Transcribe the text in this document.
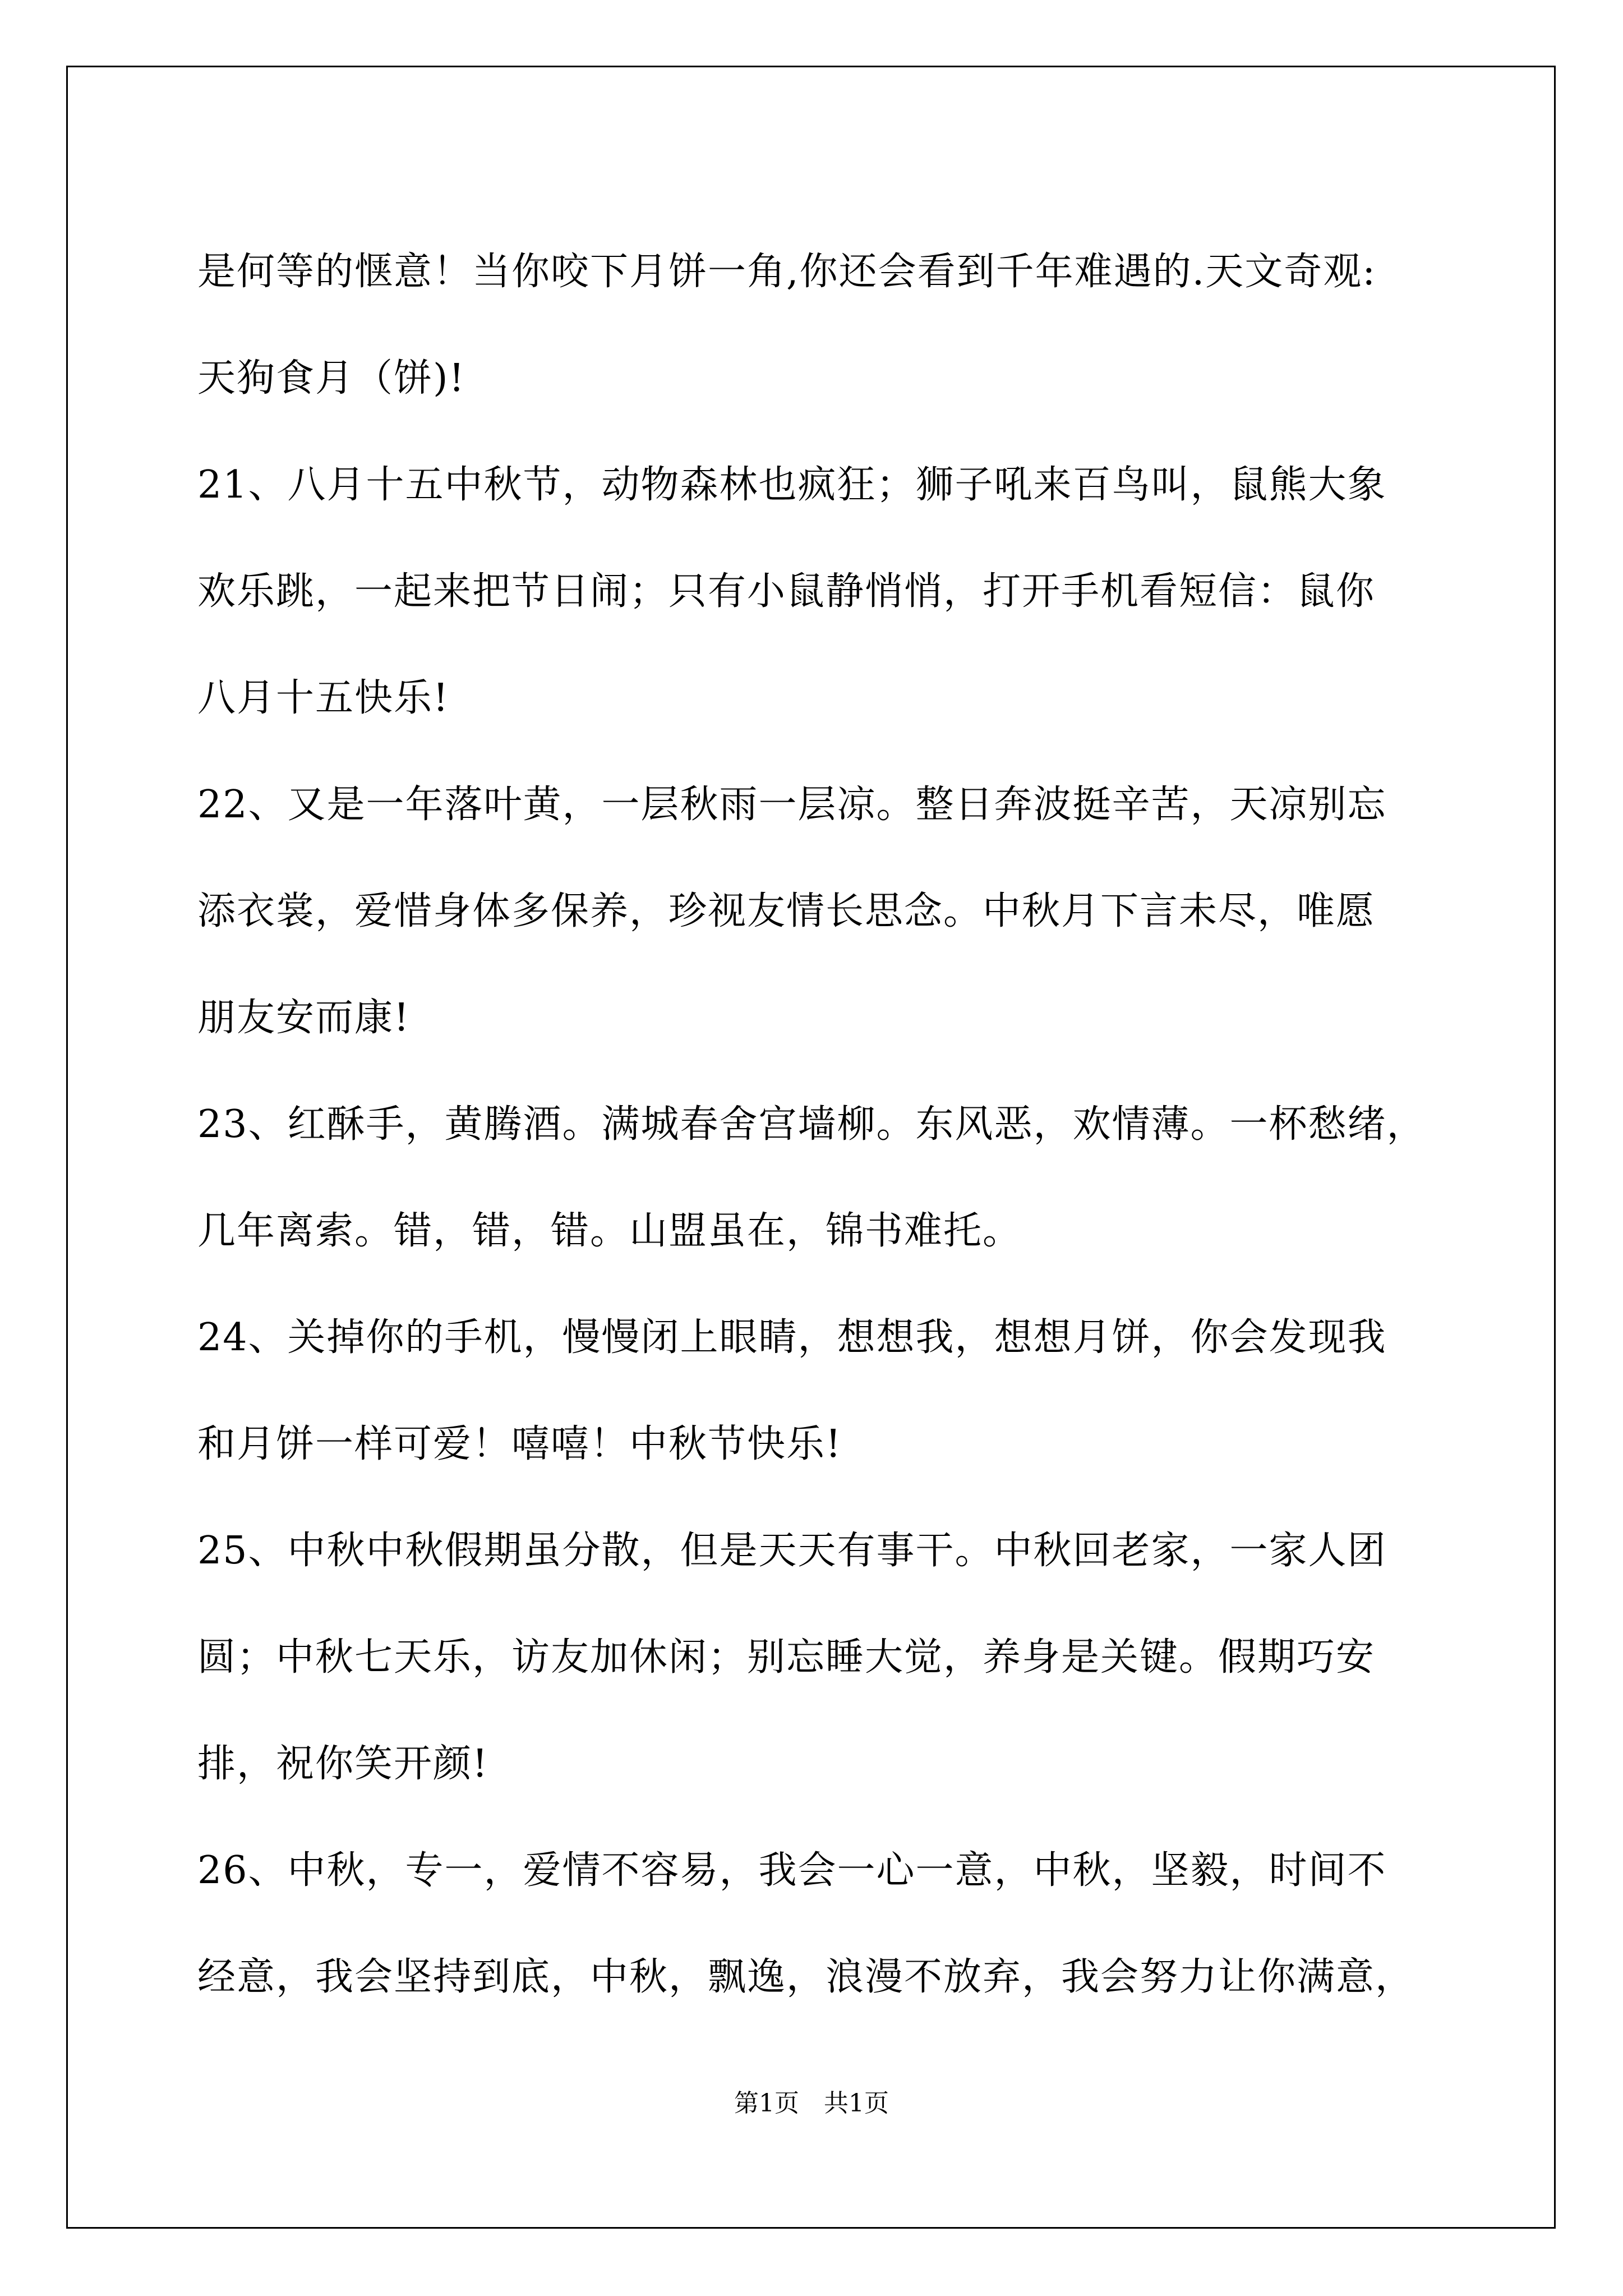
是何等的惬意！当你咬下月饼一角,你还会看到千年难遇的.天文奇观:
天狗食月（饼)!
21、八月十五中秋节，动物森林也疯狂；狮子吼来百鸟叫，鼠熊大象
欢乐跳，一起来把节日闹；只有小鼠静悄悄，打开手机看短信：鼠你
八月十五快乐!
22、又是一年落叶黄，一层秋雨一层凉。整日奔波挺辛苦，天凉别忘
添衣裳，爱惜身体多保养，珍视友情长思念。中秋月下言未尽，唯愿
朋友安而康!
23、红酥手，黄腾酒。满城春舍宫墙柳。东风恶，欢情薄。一杯愁绪，
几年离索。错，错，错。山盟虽在，锦书难托。
24、关掉你的手机，慢慢闭上眼睛，想想我，想想月饼，你会发现我
和月饼一样可爱！嘻嘻！中秋节快乐!
25、中秋中秋假期虽分散，但是天天有事干。中秋回老家，一家人团
圆；中秋七天乐，访友加休闲；别忘睡大觉，养身是关键。假期巧安
排，祝你笑开颜!
26、中秋，专一，爱情不容易，我会一心一意，中秋，坚毅，时间不
经意，我会坚持到底，中秋，飘逸，浪漫不放弃，我会努力让你满意，
第1页　共1页
